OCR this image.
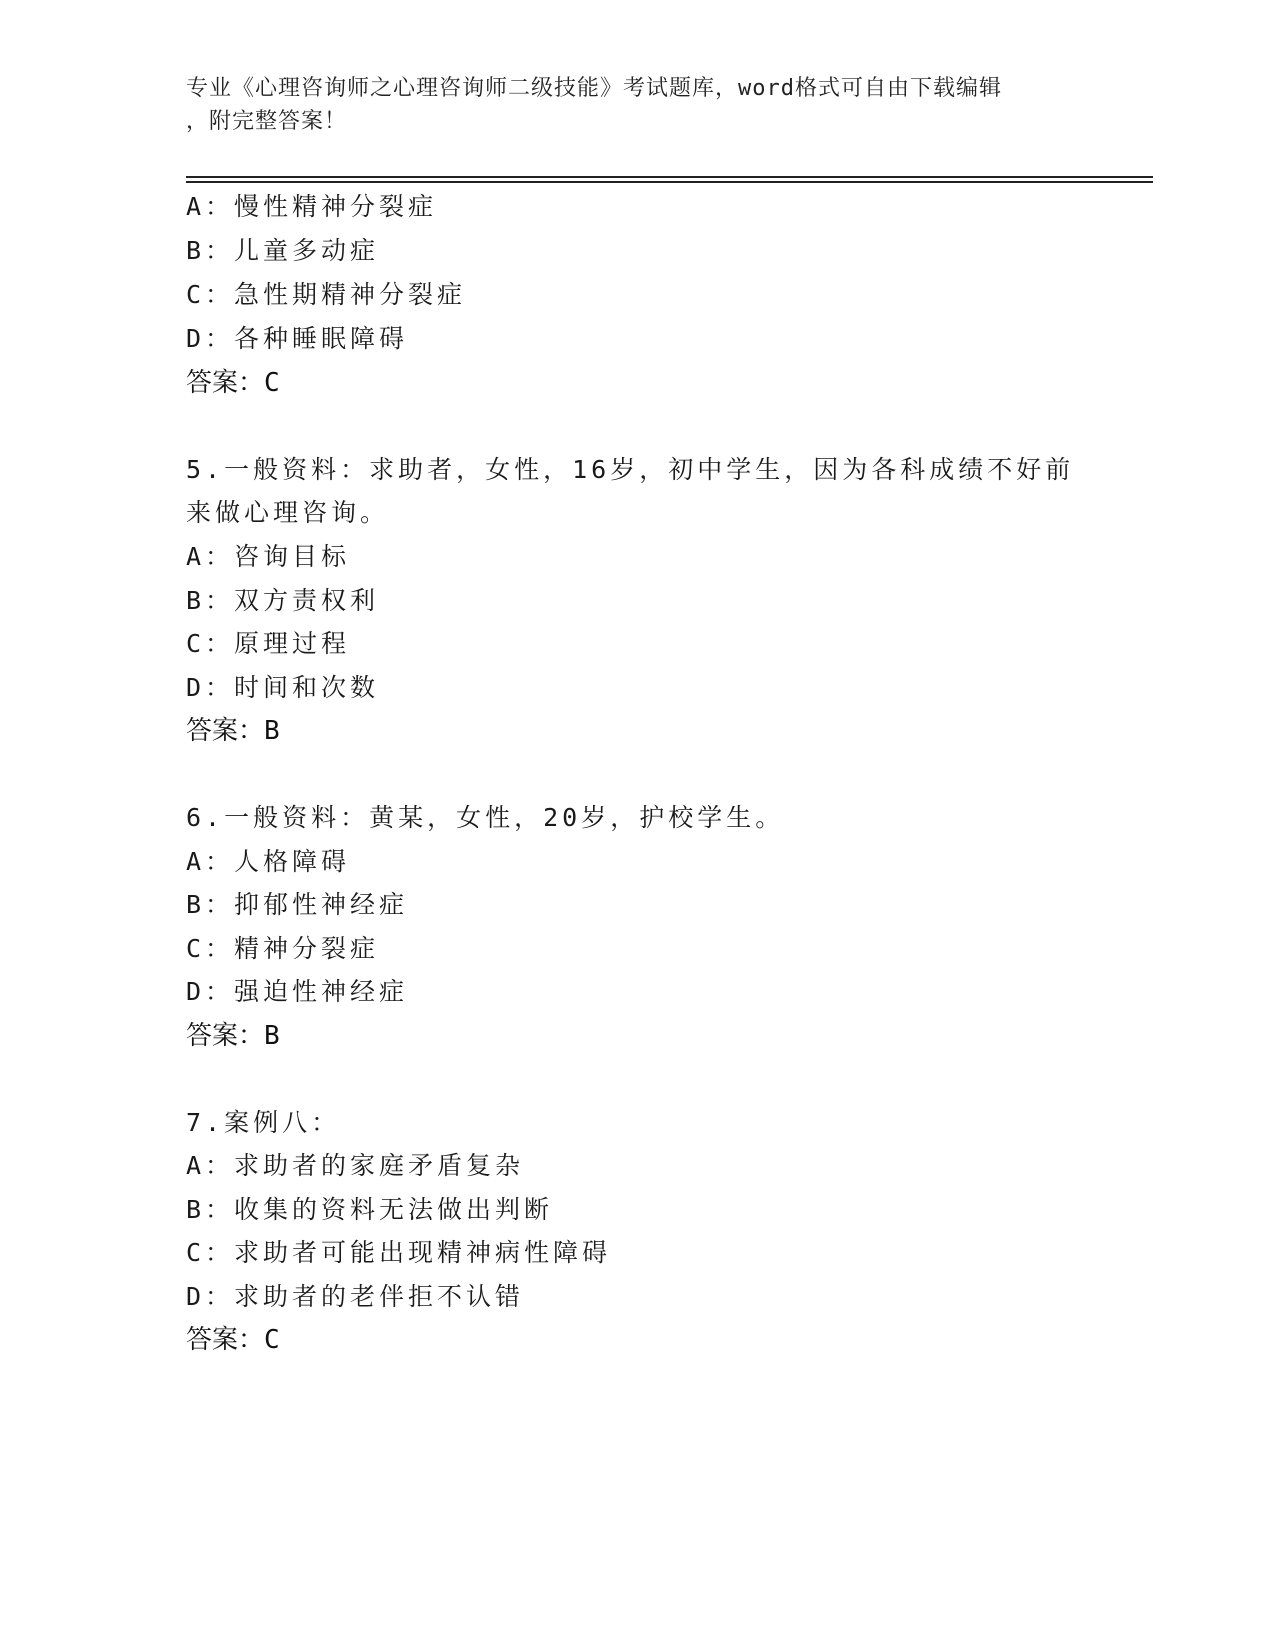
专业《心理咨询师之心理咨询师二级技能》考试题库，word格式可自由下载编辑
，附完整答案！
A：慢性精神分裂症
B：儿童多动症
C：急性期精神分裂症
D：各种睡眠障碍
答案：C
5.一般资料：求助者，女性，16岁，初中学生，因为各科成绩不好前
来做心理咨询。
A：咨询目标
B：双方责权利
C：原理过程
D：时间和次数
答案：B
6.一般资料：黄某，女性，20岁，护校学生。
A：人格障碍
B：抑郁性神经症
C：精神分裂症
D：强迫性神经症
答案：B
7.案例八：
A：求助者的家庭矛盾复杂
B：收集的资料无法做出判断
C：求助者可能出现精神病性障碍
D：求助者的老伴拒不认错
答案：C
